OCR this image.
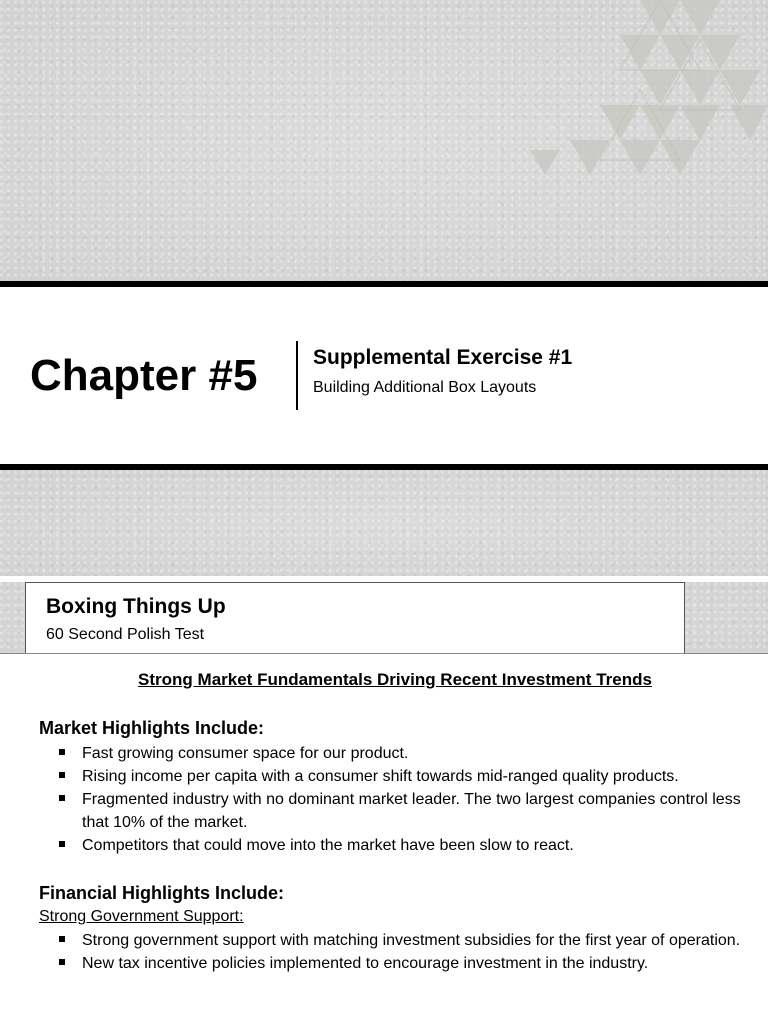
Chapter #5	Supplemental Exercise #1
Building Additional Box Layouts
Boxing Things Up
60 Second Polish Test
Strong Market Fundamentals Driving Recent Investment Trends
Market Highlights Include:
Fast growing consumer space for our product.
Rising income per capita with a consumer shift towards mid-ranged quality products.
Fragmented industry with no dominant market leader. The two largest companies control less that 10% of the market.
Competitors that could move into the market have been slow to react.
Financial Highlights Include:
Strong Government Support:
Strong government support with matching investment subsidies for the first year of operation.
New tax incentive policies implemented to encourage investment in the industry.
